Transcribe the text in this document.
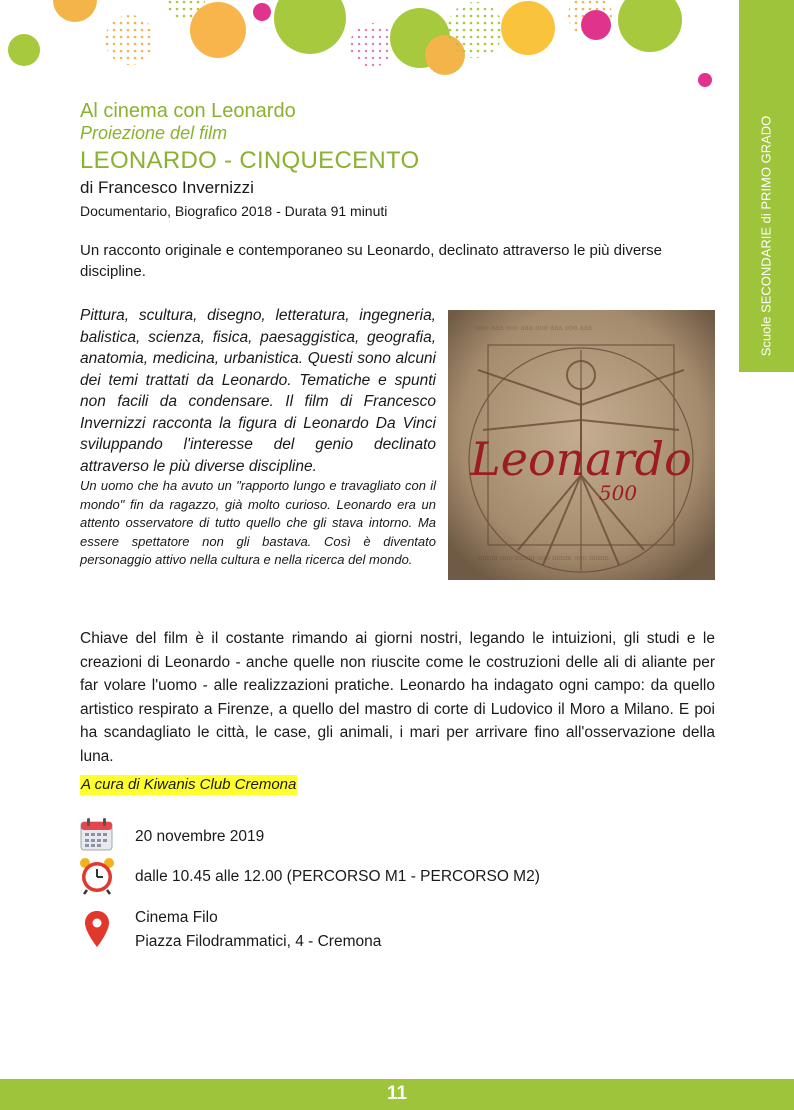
Scuole SECONDARIE di PRIMO GRADO
Al cinema con Leonardo
Proiezione del film
LEONARDO - CINQUECENTO
di Francesco Invernizzi
Documentario, Biografico 2018 - Durata 91 minuti
Un racconto originale e contemporaneo su Leonardo, declinato attraverso le più diverse discipline.

Pittura, scultura, disegno, letteratura, ingegneria, balistica, scienza, fisica, paesaggistica, geografia, anatomia, medicina, urbanistica. Questi sono alcuni dei temi trattati da Leonardo. Tematiche e spunti non facili da condensare. Il film di Francesco Invernizzi racconta la figura di Leonardo Da Vinci sviluppando l'interesse del genio declinato attraverso le più diverse discipline.

Un uomo che ha avuto un "rapporto lungo e travagliato con il mondo" fin da ragazzo, già molto curioso. Leonardo era un attento osservatore di tutto quello che gli stava intorno. Ma essere spettatore non gli bastava. Così è diventato personaggio attivo nella cultura e nella ricerca del mondo.

ooo aaa ooo aaa ooo aaa ooo aaa
mmm ooo mmm ooo mmm ooo mmm
Leonardo
500
Chiave del film è il costante rimando ai giorni nostri, legando le intuizioni, gli studi e le creazioni di Leonardo - anche quelle non riuscite come le costruzioni delle ali di aliante per far volare l'uomo - alle realizzazioni pratiche. Leonardo ha indagato ogni campo: da quello artistico respirato a Firenze, a quello del mastro di corte di Ludovico il Moro a Milano. E poi ha scandagliato le città, le case, gli animali, i mari per arrivare fino all'osservazione della luna.
A cura di Kiwanis Club Cremona
20 novembre 2019
dalle 10.45 alle 12.00 (PERCORSO M1 - PERCORSO M2)
Cinema Filo
Piazza Filodrammatici, 4 - Cremona
11
